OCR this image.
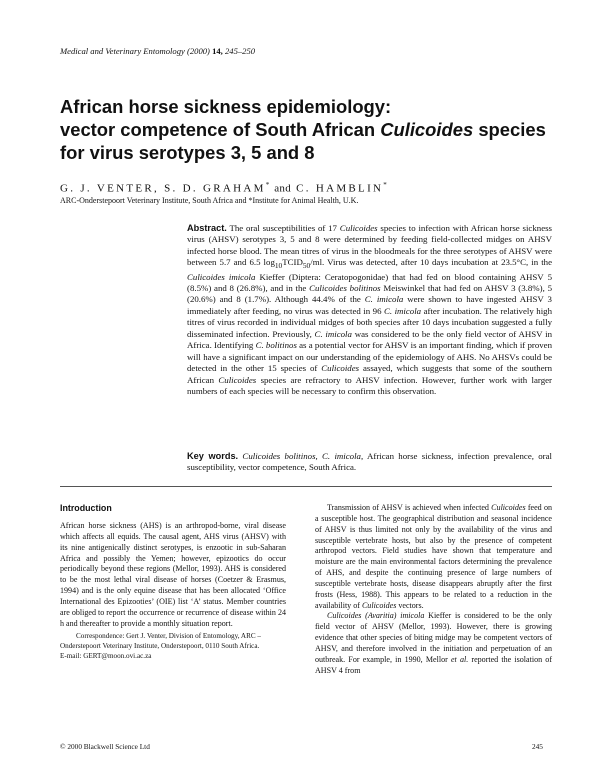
Medical and Veterinary Entomology (2000) 14, 245–250
African horse sickness epidemiology:
vector competence of South African Culicoides species
for virus serotypes 3, 5 and 8
G. J. VENTER, S. D. GRAHAM* and C. HAMBLIN*
ARC-Onderstepoort Veterinary Institute, South Africa and *Institute for Animal Health, U.K.
Abstract. The oral susceptibilities of 17 Culicoides species to infection with African horse sickness virus (AHSV) serotypes 3, 5 and 8 were determined by feeding field-collected midges on AHSV infected horse blood. The mean titres of virus in the bloodmeals for the three serotypes of AHSV were between 5.7 and 6.5 $\log_{10}TCID_{50}/ml$. Virus was detected, after 10 days incubation at 23.5°C, in the Culicoides imicola Kieffer (Diptera: Ceratopogonidae) that had fed on blood containing AHSV 5 (8.5%) and 8 (26.8%), and in the Culicoides bolitinos Meiswinkel that had fed on AHSV 3 (3.8%), 5 (20.6%) and 8 (1.7%). Although 44.4% of the C. imicola were shown to have ingested AHSV 3 immediately after feeding, no virus was detected in 96 C. imicola after incubation. The relatively high titres of virus recorded in individual midges of both species after 10 days incubation suggested a fully disseminated infection. Previously, C. imicola was considered to be the only field vector of AHSV in Africa. Identifying C. bolitinos as a potential vector for AHSV is an important finding, which if proven will have a significant impact on our understanding of the epidemiology of AHS. No AHSVs could be detected in the other 15 species of Culicoides assayed, which suggests that some of the southern African Culicoides species are refractory to AHSV infection. However, further work with larger numbers of each species will be necessary to confirm this observation.
Key words. Culicoides bolitinos, C. imicola, African horse sickness, infection prevalence, oral susceptibility, vector competence, South Africa.
Introduction
African horse sickness (AHS) is an arthropod-borne, viral disease which affects all equids. The causal agent, AHS virus (AHSV) with its nine antigenically distinct serotypes, is enzootic in sub-Saharan Africa and possibly the Yemen; however, epizootics do occur periodically beyond these regions (Mellor, 1993). AHS is considered to be the most lethal viral disease of horses (Coetzer & Erasmus, 1994) and is the only equine disease that has been allocated ‘Office International des Epizooties’ (OIE) list ‘A’ status. Member countries are obliged to report the occurrence or recurrence of disease within 24 h and thereafter to provide a monthly situation report.
Correspondence: Gert J. Venter, Division of Entomology, ARC –
Onderstepoort Veterinary Institute, Onderstepoort, 0110 South Africa.
E-mail: GERT@moon.ovi.ac.za

Transmission of AHSV is achieved when infected Culicoides feed on a susceptible host. The geographical distribution and seasonal incidence of AHSV is thus limited not only by the availability of the virus and susceptible vertebrate hosts, but also by the presence of competent arthropod vectors. Field studies have shown that temperature and moisture are the main environmental factors determining the prevalence of AHS, and despite the continuing presence of large numbers of susceptible vertebrate hosts, disease disappears abruptly after the first frosts (Hess, 1988). This appears to be related to a reduction in the availability of Culicoides vectors.

Culicoides (Avaritia) imicola Kieffer is considered to be the only field vector of AHSV (Mellor, 1993). However, there is growing evidence that other species of biting midge may be competent vectors of AHSV, and therefore involved in the initiation and perpetuation of an outbreak. For example, in 1990, Mellor et al. reported the isolation of AHSV 4 from

© 2000 Blackwell Science Ltd	245
